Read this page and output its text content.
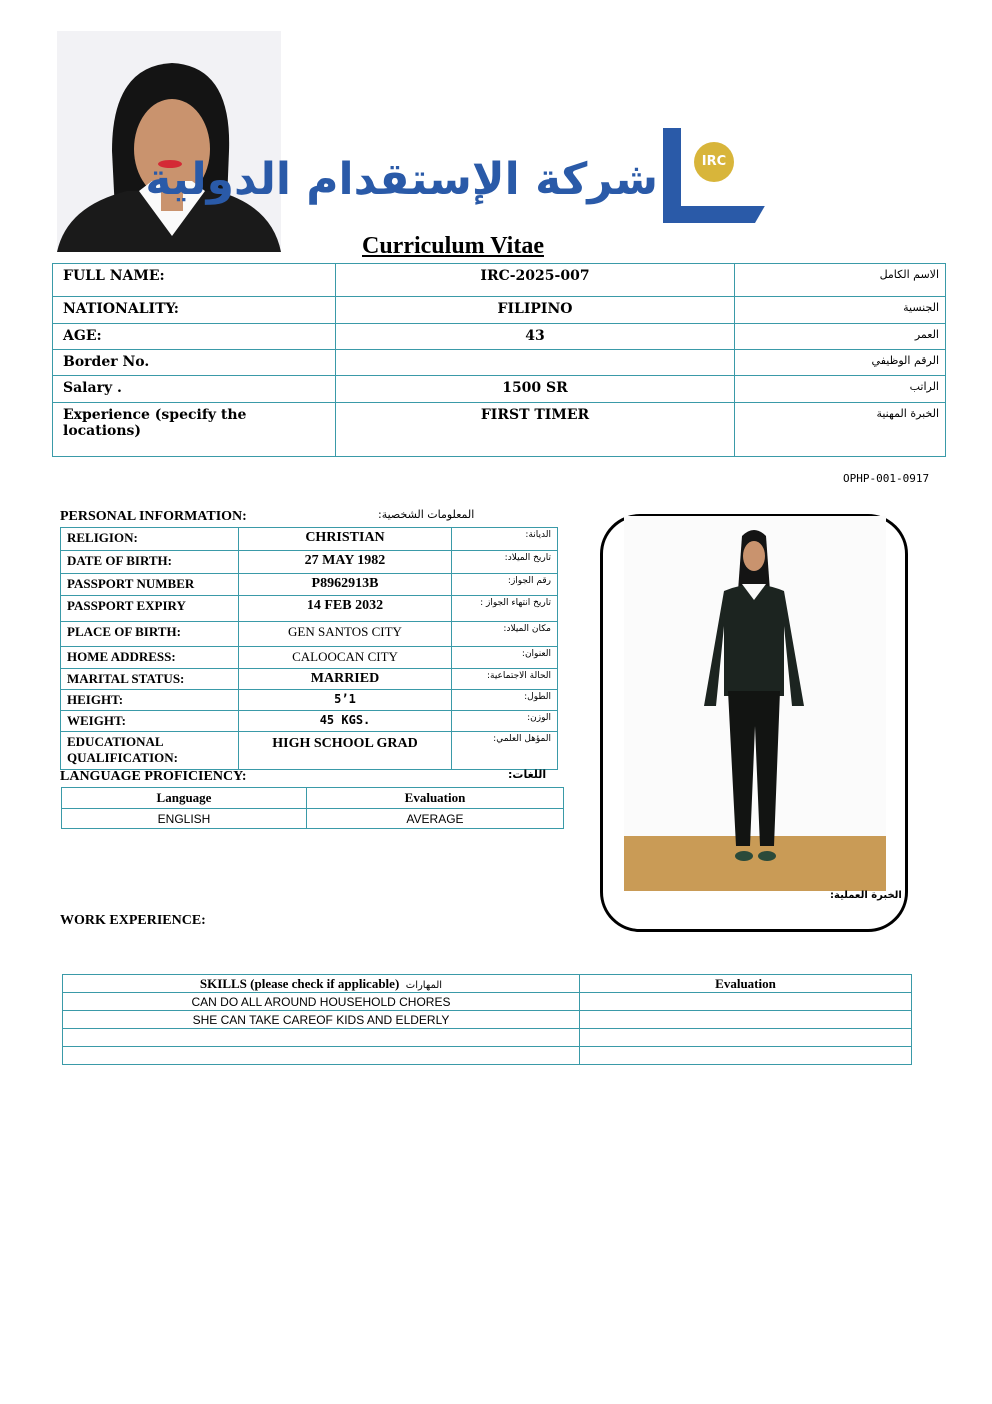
شركة الإستقدام الدولية	IRC
Curriculum Vitae
FULL NAME:	IRC-2025-007	الاسم الكامل
NATIONALITY:	FILIPINO	الجنسية
AGE:	43	العمر
Border No.		الرقم الوظيفي
Salary .	1500 SR	الراتب
Experience (specify the locations)	FIRST TIMER	الخبرة المهنية
OPHP-001-0917
PERSONAL INFORMATION:	المعلومات الشخصية:
RELIGION:	CHRISTIAN	الديانة:
DATE OF BIRTH:	27 MAY 1982	تاريخ الميلاد:
PASSPORT NUMBER	P8962913B	رقم الجواز:
PASSPORT EXPIRY	14 FEB 2032	تاريخ انتهاء الجواز :
PLACE OF BIRTH:	GEN SANTOS CITY	مكان الميلاد:
HOME ADDRESS:	CALOOCAN CITY	العنوان:
MARITAL STATUS:	MARRIED	الحالة الاجتماعية:
HEIGHT:	5’1	الطول:
WEIGHT:	45 KGS.	الوزن:
EDUCATIONAL QUALIFICATION:	HIGH SCHOOL GRAD	المؤهل العلمي:
LANGUAGE PROFICIENCY:	اللغات:
Language	Evaluation
ENGLISH	AVERAGE
الخبرة العملية:
WORK EXPERIENCE:
SKILLS (please check if applicable) المهارات	Evaluation
CAN DO ALL AROUND HOUSEHOLD CHORES	
SHE CAN TAKE CAREOF KIDS AND ELDERLY	
